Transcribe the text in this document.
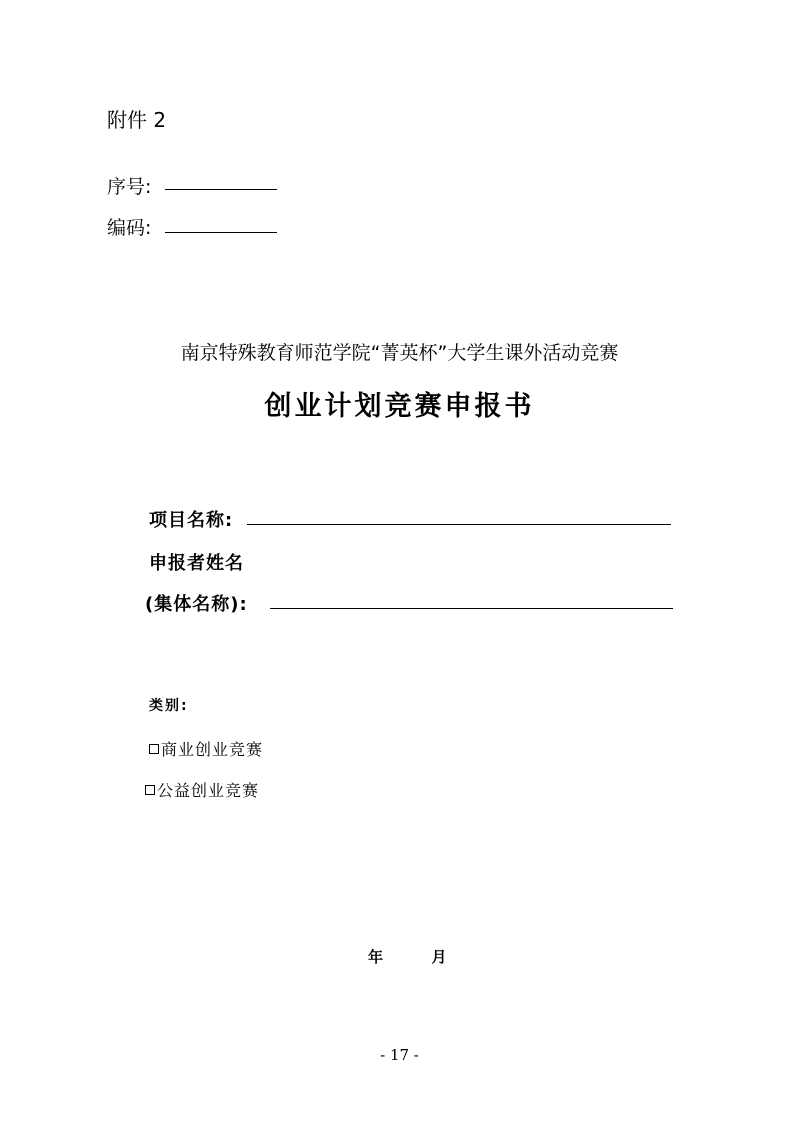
附件 2
序号:
编码:
南京特殊教育师范学院“菁英杯”大学生课外活动竞赛
创业计划竞赛申报书
项目名称:
申报者姓名
(集体名称):
类别:
商业创业竞赛
公益创业竞赛
年	月
- 17 -
